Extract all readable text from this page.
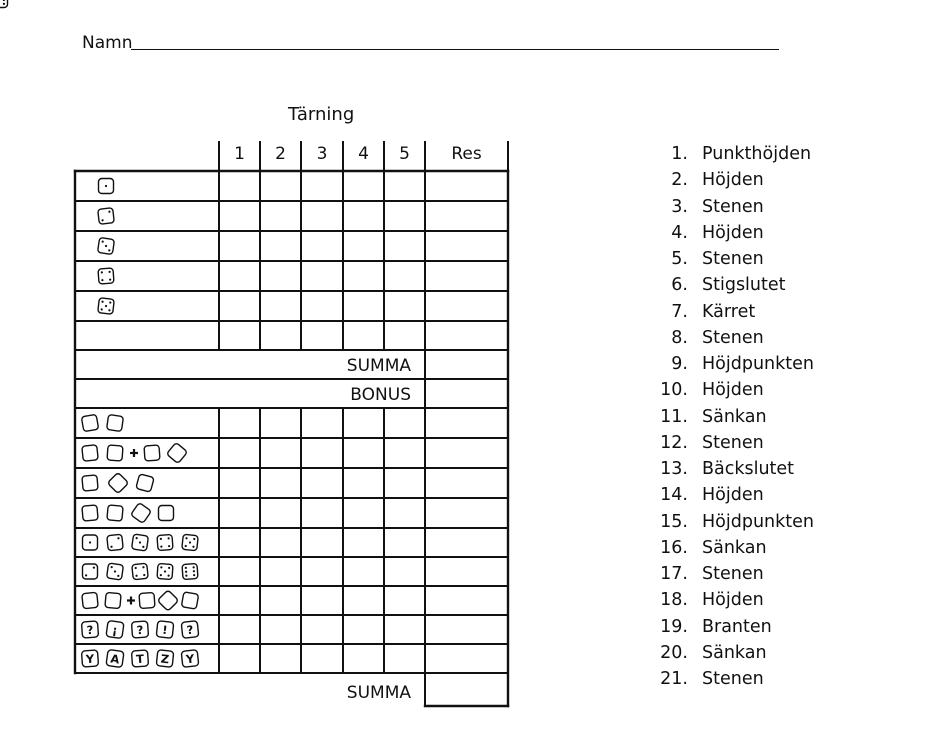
Namn
Tärning
1 2 3 4 5 Res
SUMMA
BONUS
SUMMA
? ¡ ? ! ?
Y A T Z Y
1. Punkthöjden
2. Höjden
3. Stenen
4. Höjden
5. Stenen
6. Stigslutet
7. Kärret
8. Stenen
9. Höjdpunkten
10. Höjden
11. Sänkan
12. Stenen
13. Bäckslutet
14. Höjden
15. Höjdpunkten
16. Sänkan
17. Stenen
18. Höjden
19. Branten
20. Sänkan
21. Stenen
